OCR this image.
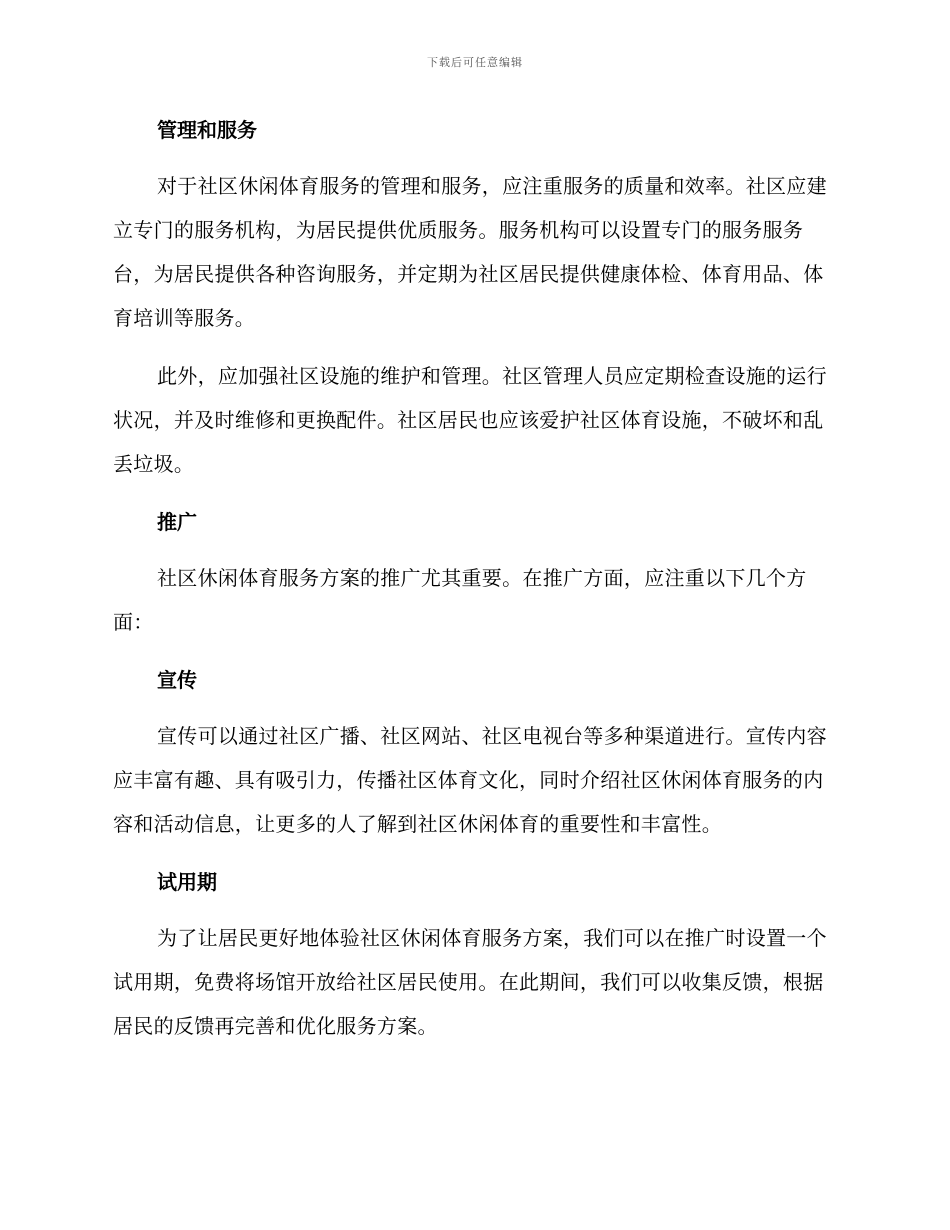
下载后可任意编辑
管理和服务

对于社区休闲体育服务的管理和服务，应注重服务的质量和效率。社区应建立专门的服务机构，为居民提供优质服务。服务机构可以设置专门的服务服务台，为居民提供各种咨询服务，并定期为社区居民提供健康体检、体育用品、体育培训等服务。

此外，应加强社区设施的维护和管理。社区管理人员应定期检查设施的运行状况，并及时维修和更换配件。社区居民也应该爱护社区体育设施，不破坏和乱丢垃圾。

推广

社区休闲体育服务方案的推广尤其重要。在推广方面，应注重以下几个方面：

宣传

宣传可以通过社区广播、社区网站、社区电视台等多种渠道进行。宣传内容应丰富有趣、具有吸引力，传播社区体育文化，同时介绍社区休闲体育服务的内容和活动信息，让更多的人了解到社区休闲体育的重要性和丰富性。

试用期

为了让居民更好地体验社区休闲体育服务方案，我们可以在推广时设置一个试用期，免费将场馆开放给社区居民使用。在此期间，我们可以收集反馈，根据居民的反馈再完善和优化服务方案。
